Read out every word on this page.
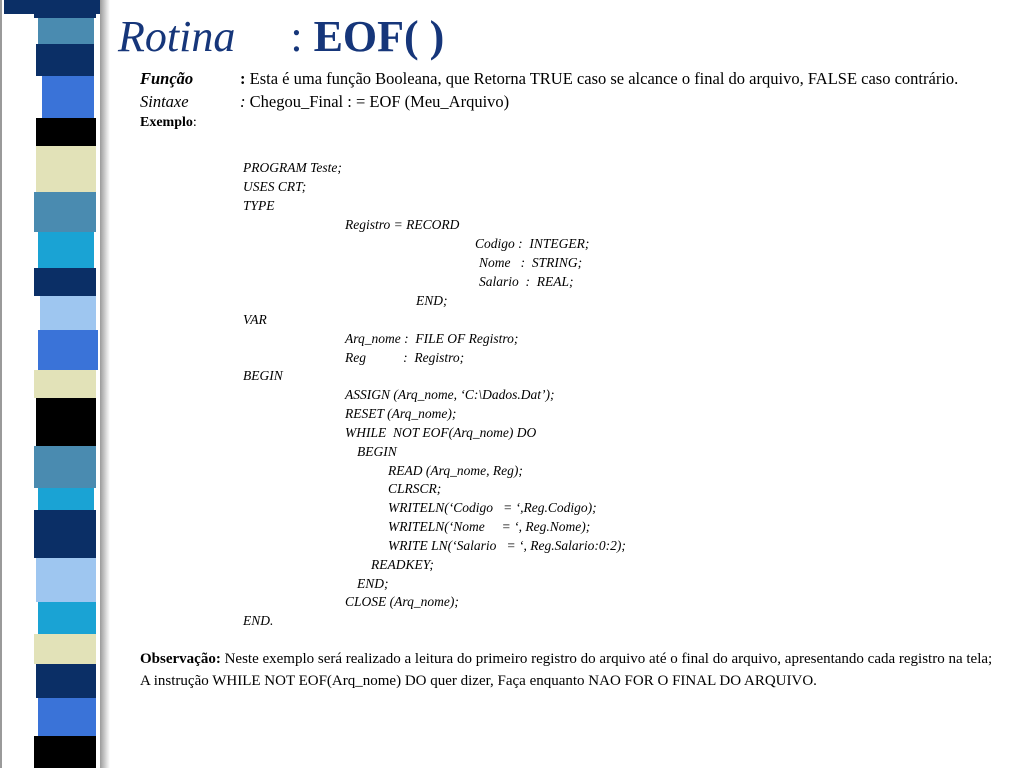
Rotina : EOF( )
Função	: Esta é uma função Booleana, que Retorna TRUE caso se alcance o final do arquivo, FALSE caso contrário.
Sintaxe	: Chegou_Final : = EOF (Meu_Arquivo)
Exemplo:
PROGRAM Teste;
USES CRT;
TYPE
Registro = RECORD
Codigo :  INTEGER;
Nome   :  STRING;
Salario  :  REAL;
END;
VAR
Arq_nome :  FILE OF Registro;
Reg           :  Registro;
BEGIN
ASSIGN (Arq_nome, ‘C:\Dados.Dat’);
RESET (Arq_nome);
WHILE  NOT EOF(Arq_nome) DO
BEGIN
READ (Arq_nome, Reg);
CLRSCR;
WRITELN(‘Codigo   = ‘,Reg.Codigo);
WRITELN(‘Nome     = ‘, Reg.Nome);
WRITE LN(‘Salario   = ‘, Reg.Salario:0:2);
READKEY;
END;
CLOSE (Arq_nome);
END.
Observação: Neste exemplo será realizado a leitura do primeiro registro do arquivo até o final do arquivo, apresentando cada registro na tela;
A instrução WHILE NOT EOF(Arq_nome) DO quer dizer, Faça enquanto NAO FOR O FINAL DO ARQUIVO.
